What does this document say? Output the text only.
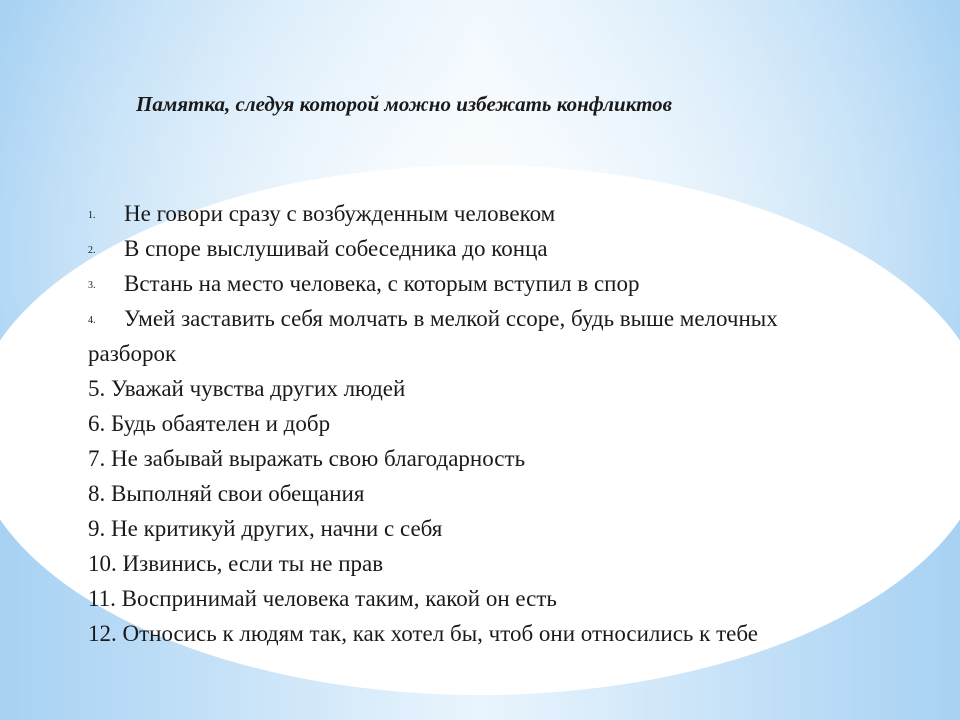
Памятка, следуя которой можно избежать конфликтов
1. Не говори сразу с возбужденным человеком
2. В споре выслушивай собеседника до конца
3. Встань на место человека, с которым вступил в спор
4. Умей заставить себя молчать в мелкой ссоре, будь выше мелочных
разборок
5. Уважай чувства других людей
6. Будь обаятелен и добр
7. Не забывай выражать свою благодарность
8. Выполняй свои обещания
9. Не критикуй других, начни с себя
10. Извинись, если ты не прав
11. Воспринимай человека таким, какой он есть
12. Относись к людям так, как хотел бы, чтоб они относились к тебе
